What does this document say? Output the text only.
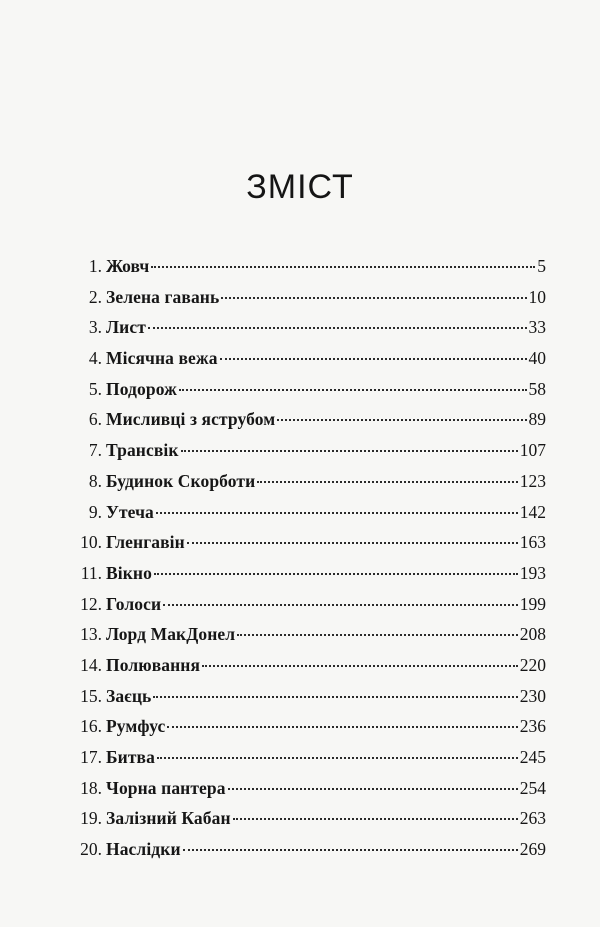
ЗМІСТ
1. Жовч	5
2. Зелена гавань	10
3. Лист	33
4. Місячна вежа	40
5. Подорож	58
6. Мисливці з яструбом	89
7. Трансвік	107
8. Будинок Скорботи	123
9. Утеча	142
10. Гленгавін	163
11. Вікно	193
12. Голоси	199
13. Лорд МакДонел	208
14. Полювання	220
15. Заєць	230
16. Румфус	236
17. Битва	245
18. Чорна пантера	254
19. Залізний Кабан	263
20. Наслідки	269
